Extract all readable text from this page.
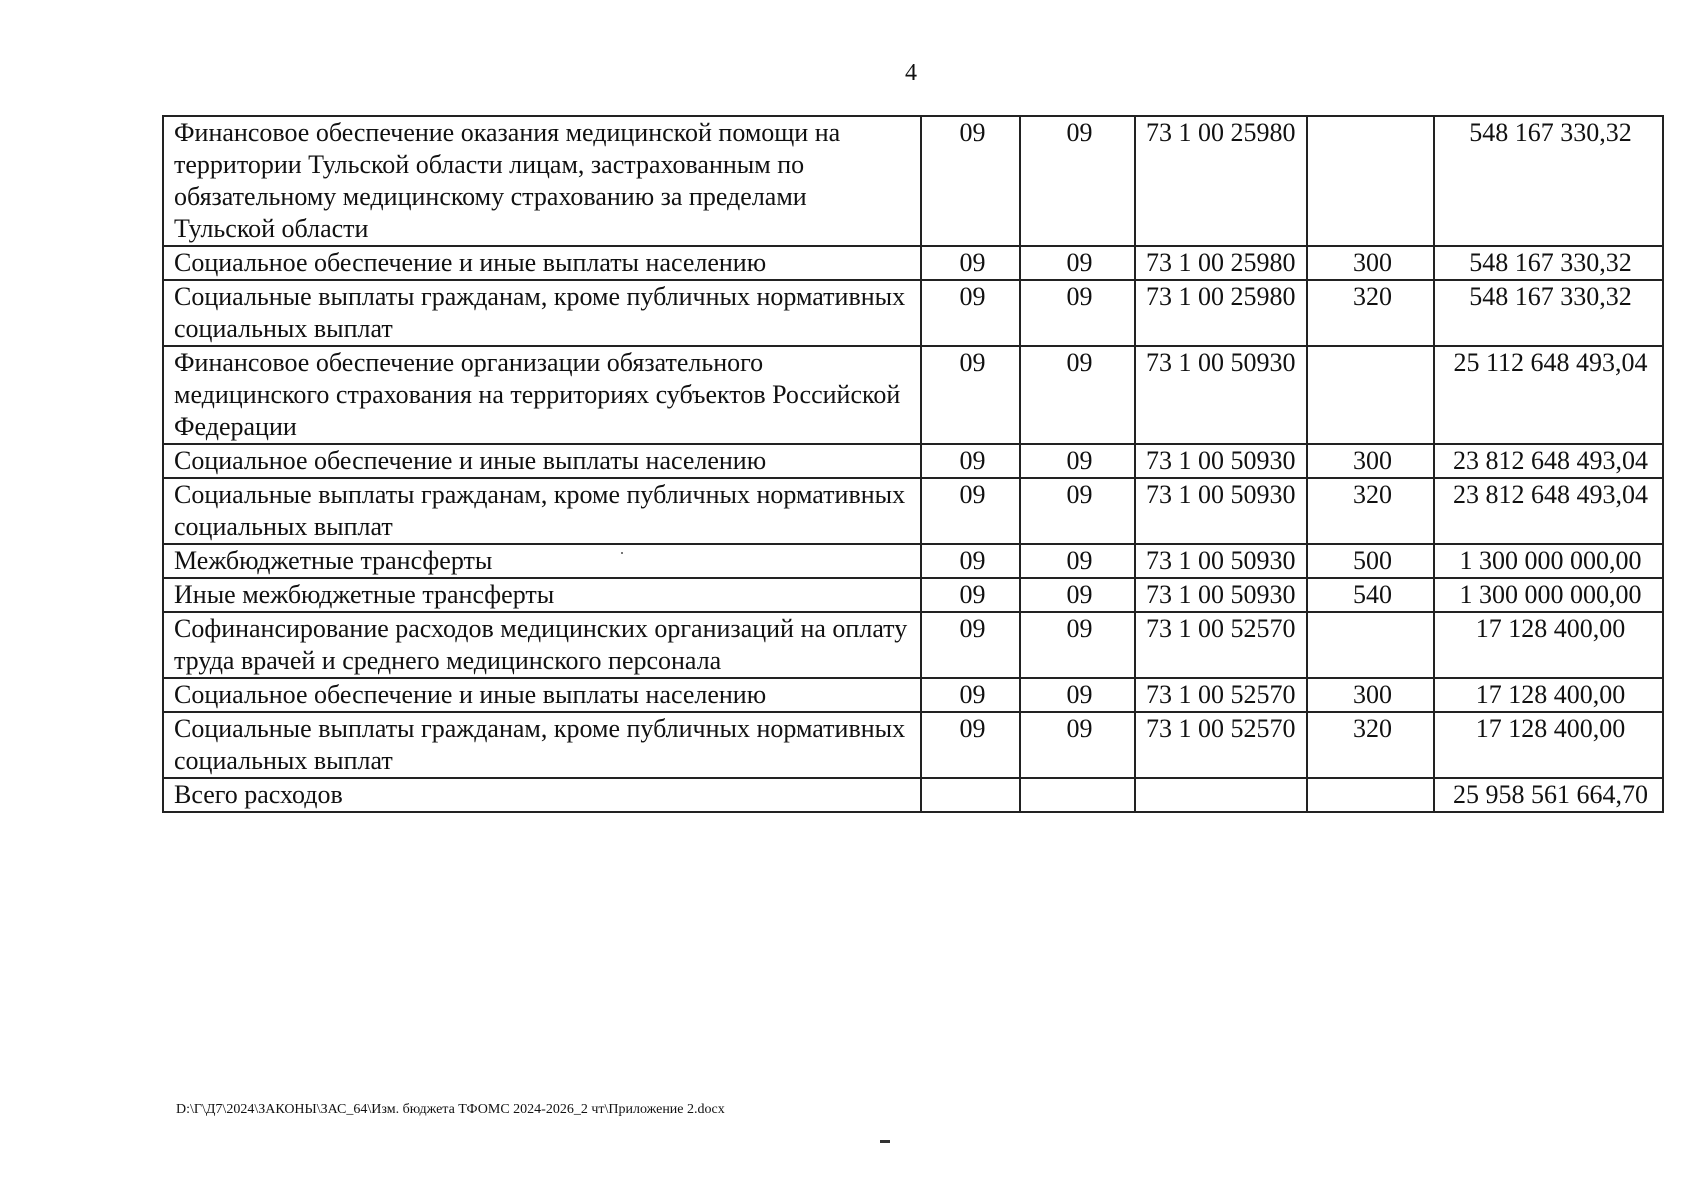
4
Финансовое обеспечение оказания медицинской помощи на территории Тульской области лицам, застрахованным по обязательному медицинскому страхованию за пределами Тульской области	09	09	73 1 00 25980		548 167 330,32
Социальное обеспечение и иные выплаты населению	09	09	73 1 00 25980	300	548 167 330,32
Социальные выплаты гражданам, кроме публичных нормативных социальных выплат	09	09	73 1 00 25980	320	548 167 330,32
Финансовое обеспечение организации обязательного медицинского страхования на территориях субъектов Российской Федерации	09	09	73 1 00 50930		25 112 648 493,04
Социальное обеспечение и иные выплаты населению	09	09	73 1 00 50930	300	23 812 648 493,04
Социальные выплаты гражданам, кроме публичных нормативных социальных выплат	09	09	73 1 00 50930	320	23 812 648 493,04
Межбюджетные трансферты	09	09	73 1 00 50930	500	1 300 000 000,00
Иные межбюджетные трансферты	09	09	73 1 00 50930	540	1 300 000 000,00
Софинансирование расходов медицинских организаций на оплату труда врачей и среднего медицинского персонала	09	09	73 1 00 52570		17 128 400,00
Социальное обеспечение и иные выплаты населению	09	09	73 1 00 52570	300	17 128 400,00
Социальные выплаты гражданам, кроме публичных нормативных социальных выплат	09	09	73 1 00 52570	320	17 128 400,00
Всего расходов					25 958 561 664,70
D:\Г\Д7\2024\ЗАКОНЫ\ЗАС_64\Изм. бюджета ТФОМС 2024-2026_2 чт\Приложение 2.docx
